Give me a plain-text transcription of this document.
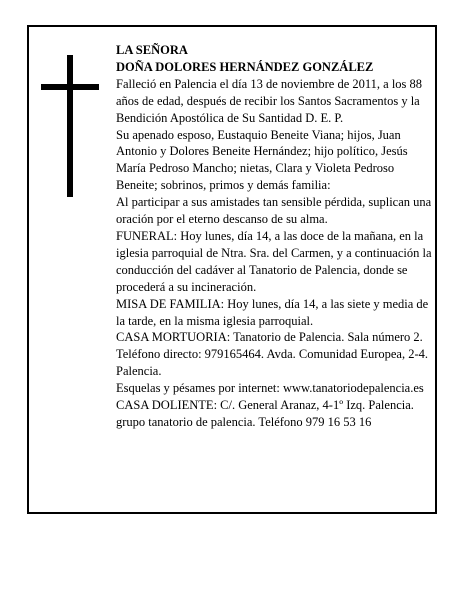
LA SEÑORA

DOÑA DOLORES HERNÁNDEZ GONZÁLEZ

Falleció en Palencia el día 13 de noviembre de 2011, a los 88 años de edad, después de recibir los Santos Sacramentos y la Bendición Apostólica de Su Santidad D. E. P.

Su apenado esposo, Eustaquio Beneite Viana; hijos, Juan Antonio y Dolores Beneite Hernández; hijo político, Jesús María Pedroso Mancho; nietas, Clara y Violeta Pedroso Beneite; sobrinos, primos y demás familia:

Al participar a sus amistades tan sensible pérdida, suplican una oración por el eterno descanso de su alma.

FUNERAL: Hoy lunes, día 14, a las doce de la mañana, en la iglesia parroquial de Ntra. Sra. del Carmen, y a continuación la conducción del cadáver al Tanatorio de Palencia, donde se procederá a su incineración.

MISA DE FAMILIA: Hoy lunes, día 14, a las siete y media de la tarde, en la misma iglesia parroquial.

CASA MORTUORIA: Tanatorio de Palencia. Sala número 2. Teléfono directo: 979165464. Avda. Comunidad Europea, 2-4. Palencia.

Esquelas y pésames por internet: www.tanatoriodepalencia.es

CASA DOLIENTE: C/. General Aranaz, 4-1º Izq. Palencia.

grupo tanatorio de palencia. Teléfono 979 16 53 16
